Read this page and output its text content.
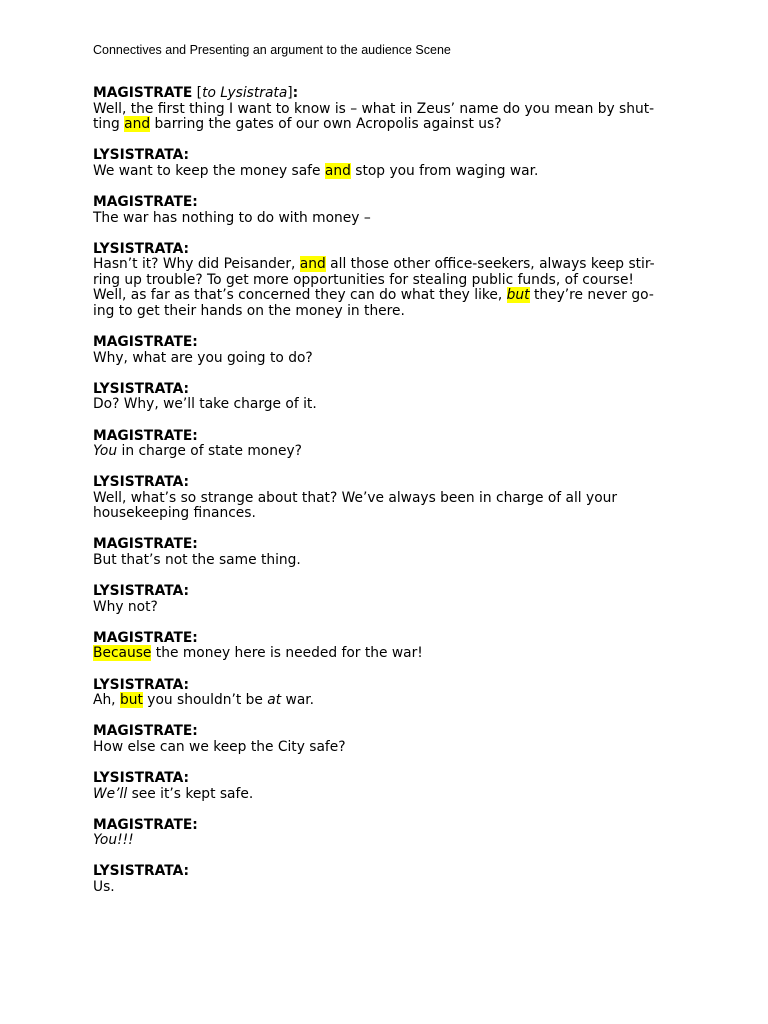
Connectives and Presenting an argument to the audience Scene
MAGISTRATE [to Lysistrata]:
Well, the first thing I want to know is – what in Zeus’ name do you mean by shut-
ting and barring the gates of our own Acropolis against us?
LYSISTRATA:
We want to keep the money safe and stop you from waging war.
MAGISTRATE:
The war has nothing to do with money –
LYSISTRATA:
Hasn’t it? Why did Peisander, and all those other office-seekers, always keep stir-
ring up trouble? To get more opportunities for stealing public funds, of course!
Well, as far as that’s concerned they can do what they like, but they’re never go-
ing to get their hands on the money in there.
MAGISTRATE:
Why, what are you going to do?
LYSISTRATA:
Do? Why, we’ll take charge of it.
MAGISTRATE:
You in charge of state money?
LYSISTRATA:
Well, what’s so strange about that? We’ve always been in charge of all your
housekeeping finances.
MAGISTRATE:
But that’s not the same thing.
LYSISTRATA:
Why not?
MAGISTRATE:
Because the money here is needed for the war!
LYSISTRATA:
Ah, but you shouldn’t be at war.
MAGISTRATE:
How else can we keep the City safe?
LYSISTRATA:
We’ll see it’s kept safe.
MAGISTRATE:
You!!!
LYSISTRATA:
Us.
